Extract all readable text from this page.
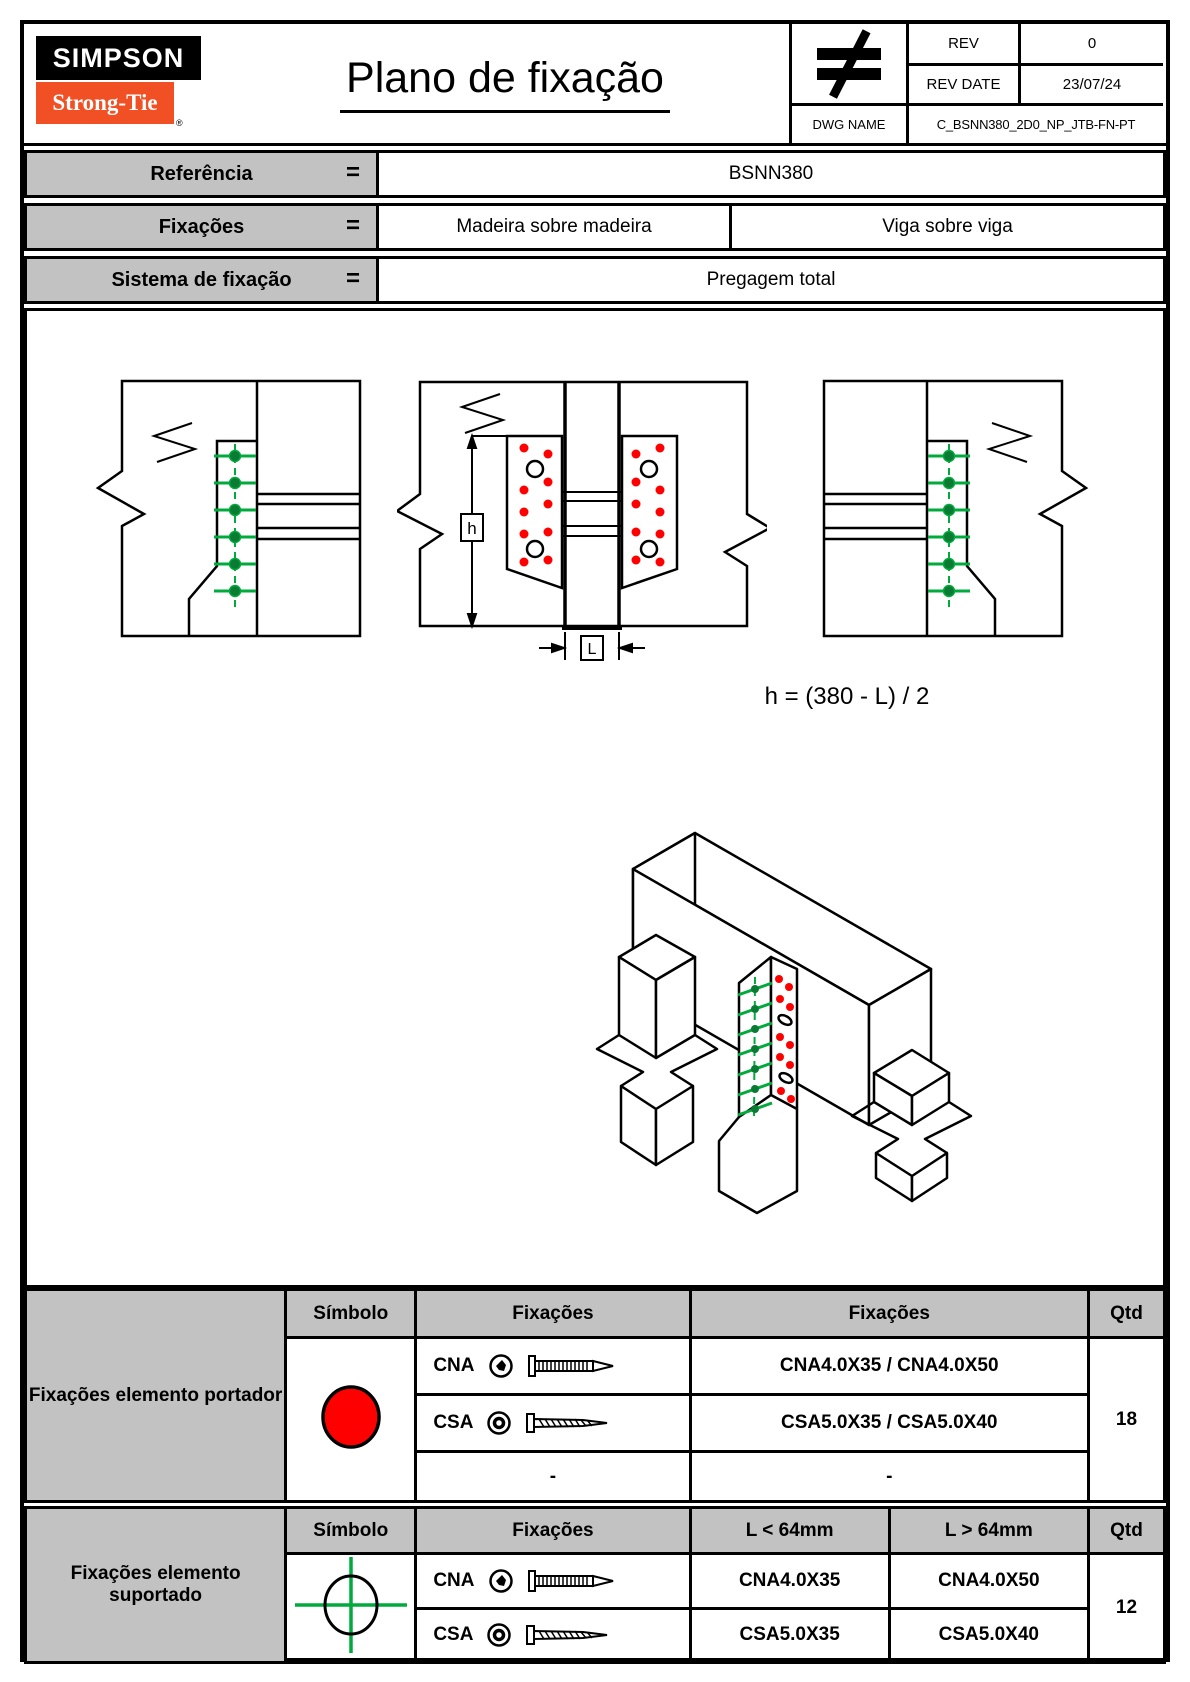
SIMPSON
Strong-Tie
®
Plano de fixação
REV	0
REV DATE	23/07/24
DWG NAME	C_BSNN380_2D0_NP_JTB-FN-PT
Referência	=	BSNN380
Fixações	=	Madeira sobre madeira	Viga sobre viga
Sistema de fixação =	Pregagem total
h
L
h = (380 - L) / 2
Fixações elemento portador	Símbolo	Fixações	Fixações	Qtd

CNA	CNA4.0X35 / CNA4.0X50	18

		CSA	CSA5.0X35 / CSA5.0X40	
		-	-	
Fixações elemento suportado	Símbolo	Fixações	L < 64mm	L > 64mm	Qtd

CNA	CNA4.0X35	CNA4.0X50	12

		CSA	CSA5.0X35	CSA5.0X40	
